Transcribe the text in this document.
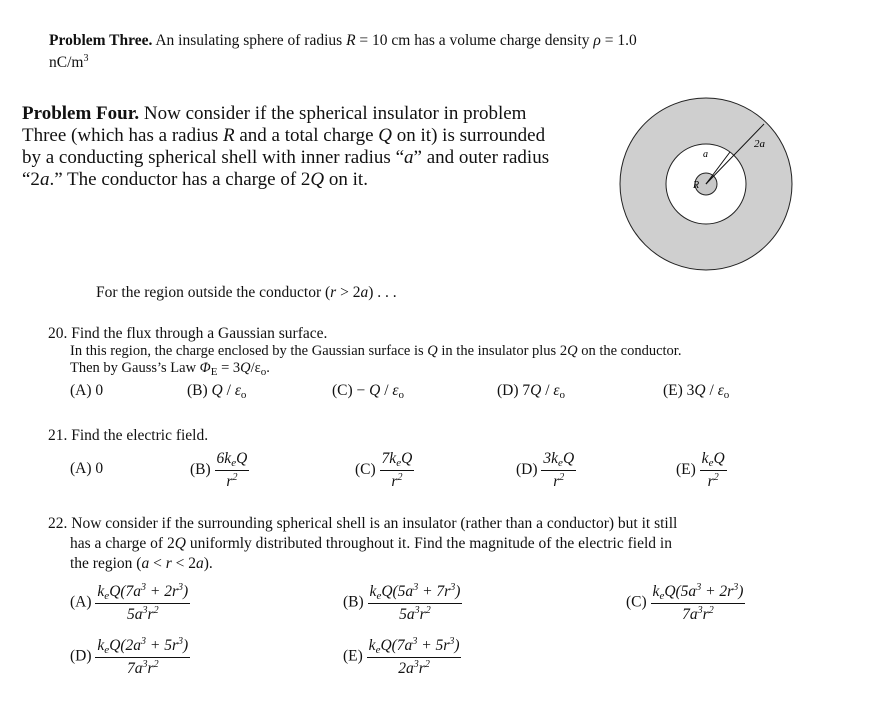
Problem Three. An insulating sphere of radius R = 10 cm has a volume charge density ρ = 1.0
$nC/m^3$
Problem Four. Now consider if the spherical insulator in problem Three (which has a radius R and a total charge Q on it) is surrounded by a conducting spherical shell with inner radius “a” and outer radius “2a.” The conductor has a charge of 2Q on it.
2a
a
R
For the region outside the conductor (r > 2a) . . .
20. Find the flux through a Gaussian surface.
In this region, the charge enclosed by the Gaussian surface is Q in the insulator plus 2Q on the conductor.
Then by Gauss’s Law $\Phi_E = 3Q/\varepsilon_o$.
(A) 0	(B) Q / εo	(C) − Q / εo	(D) 7Q / εo	(E) 3Q / εo
21. Find the electric field.
(A) 0	$(B) \frac{\text{6keQ}}{r^2}$	$(C) \frac{\text{7keQ}}{r^2}$	$(D) \frac{\text{3keQ}}{r^2}$	$(E) \frac{\text{keQ}}{r^2}$
22. Now consider if the surrounding spherical shell is an insulator (rather than a conductor) but it still
has a charge of 2Q uniformly distributed throughout it. Find the magnitude of the electric field in
the region (a < r < 2a).
$(A) \frac{keQ(7a^3 + 2r^3)}{5a^3r^2}$	$(B) \frac{keQ(5a^3 + 7r^3)}{5a^3r^2}$	$(C) \frac{keQ(5a^3 + 2r^3)}{7a^3r^2}$
$(D) \frac{keQ(2a^3 + 5r^3)}{7a^3r^2}$	$(E) \frac{keQ(7a^3 + 5r^3)}{2a^3r^2}$
